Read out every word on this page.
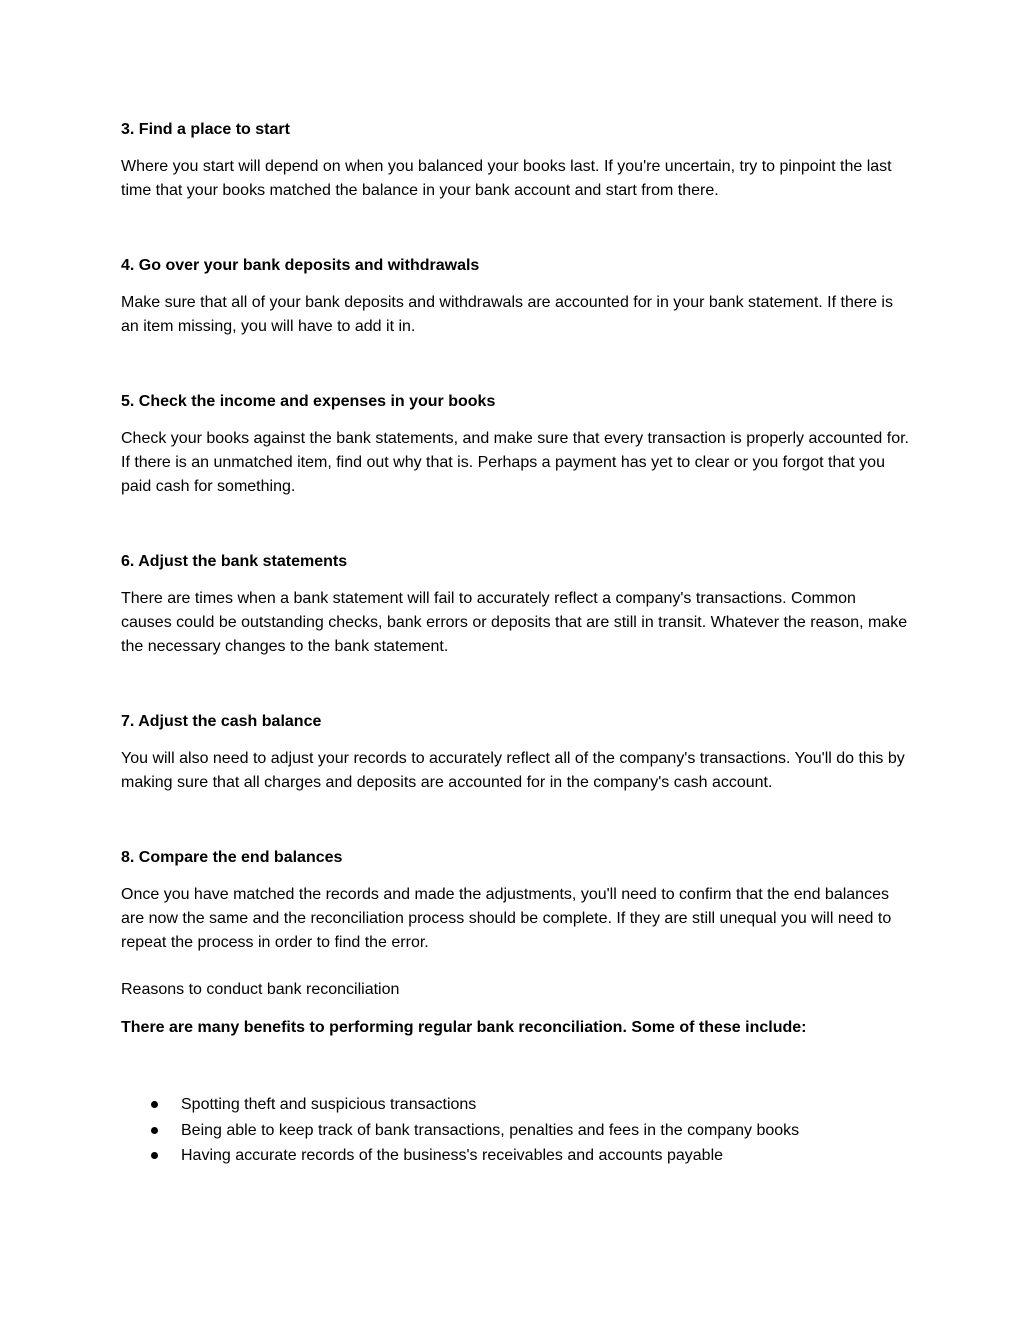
3. Find a place to start

Where you start will depend on when you balanced your books last. If you're uncertain, try to pinpoint the last time that your books matched the balance in your bank account and start from there.

4. Go over your bank deposits and withdrawals

Make sure that all of your bank deposits and withdrawals are accounted for in your bank statement. If there is an item missing, you will have to add it in.

5. Check the income and expenses in your books

Check your books against the bank statements, and make sure that every transaction is properly accounted for. If there is an unmatched item, find out why that is. Perhaps a payment has yet to clear or you forgot that you paid cash for something.

6. Adjust the bank statements

There are times when a bank statement will fail to accurately reflect a company's transactions. Common causes could be outstanding checks, bank errors or deposits that are still in transit. Whatever the reason, make the necessary changes to the bank statement.

7. Adjust the cash balance

You will also need to adjust your records to accurately reflect all of the company's transactions. You'll do this by making sure that all charges and deposits are accounted for in the company's cash account.

8. Compare the end balances

Once you have matched the records and made the adjustments, you'll need to confirm that the end balances are now the same and the reconciliation process should be complete. If they are still unequal you will need to repeat the process in order to find the error.

Reasons to conduct bank reconciliation

There are many benefits to performing regular bank reconciliation. Some of these include:

Spotting theft and suspicious transactions
Being able to keep track of bank transactions, penalties and fees in the company books
Having accurate records of the business's receivables and accounts payable
